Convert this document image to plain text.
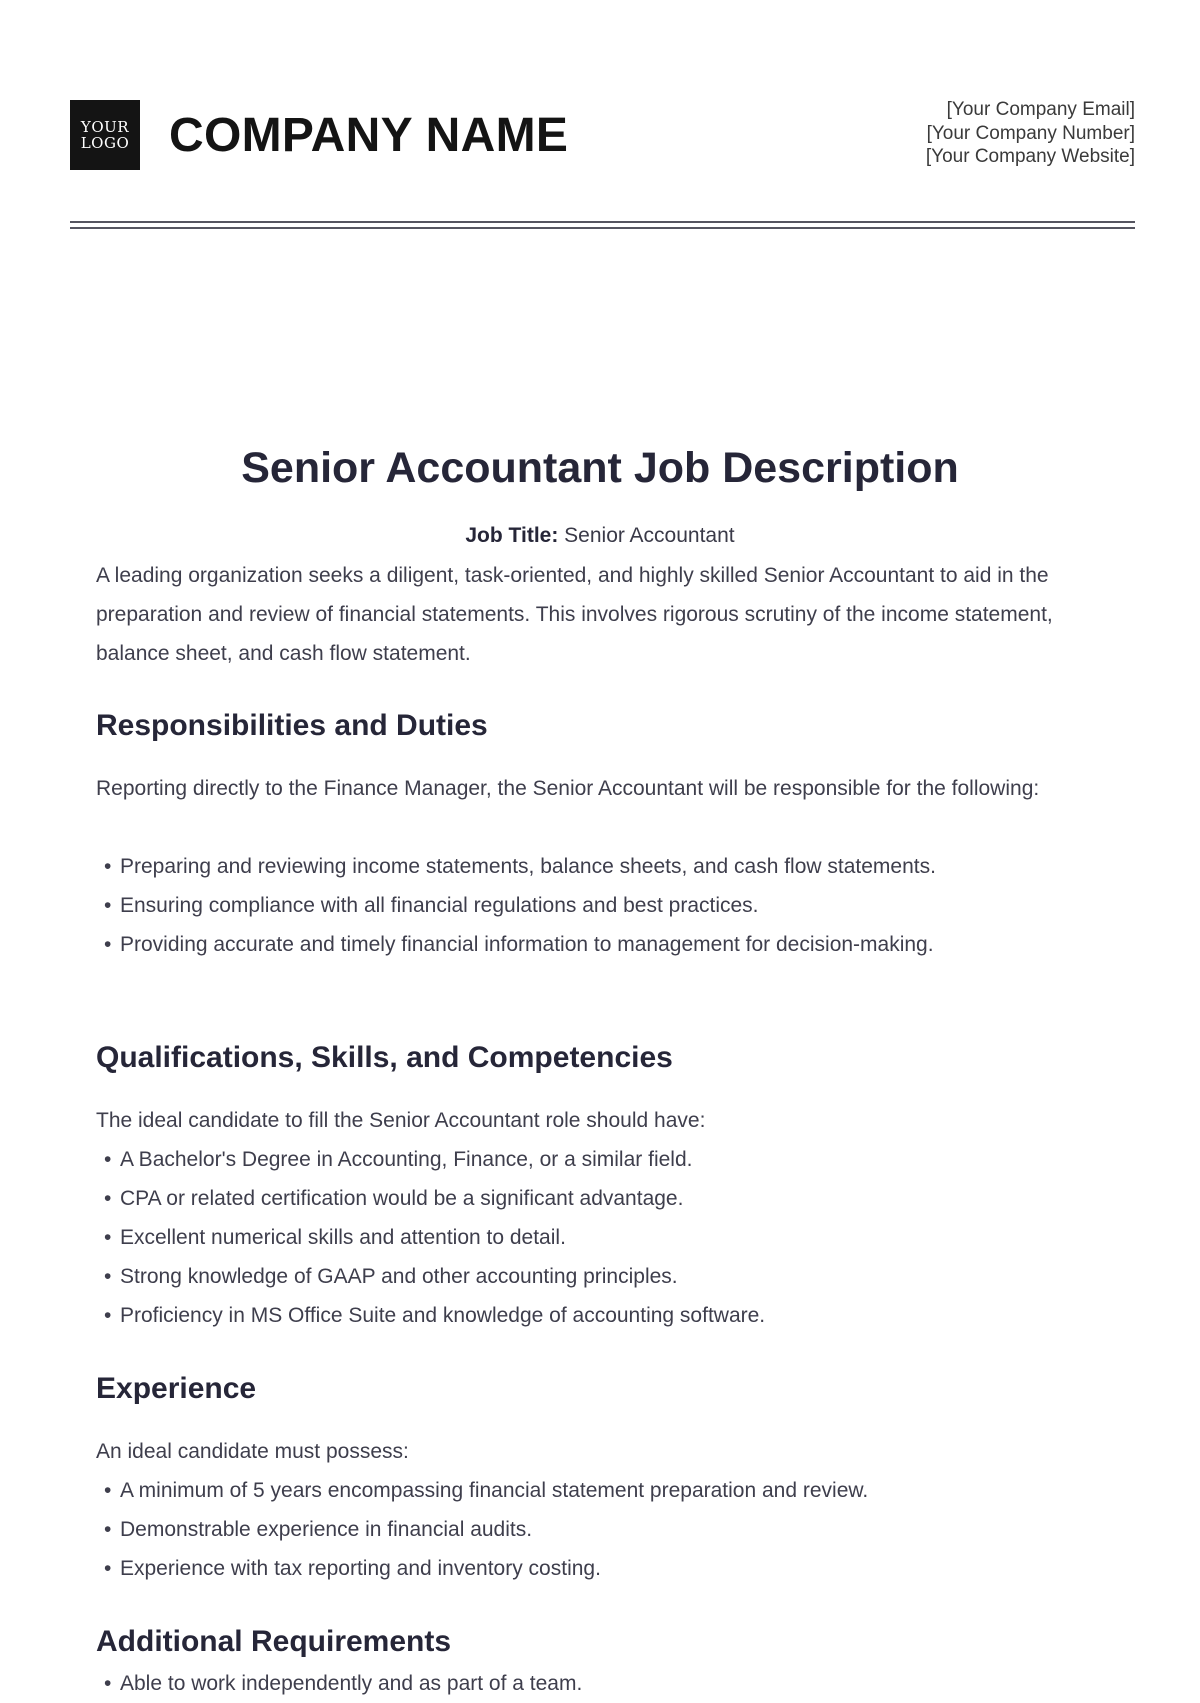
YOUR
LOGO COMPANY NAME	[Your Company Email]
[Your Company Number]
[Your Company Website]
Senior Accountant Job Description
Job Title: Senior Accountant
A leading organization seeks a diligent, task-oriented, and highly skilled Senior Accountant to aid in the preparation and review of financial statements. This involves rigorous scrutiny of the income statement, balance sheet, and cash flow statement.
Responsibilities and Duties
Reporting directly to the Finance Manager, the Senior Accountant will be responsible for the following:
• Preparing and reviewing income statements, balance sheets, and cash flow statements.
• Ensuring compliance with all financial regulations and best practices.
• Providing accurate and timely financial information to management for decision-making.
Qualifications, Skills, and Competencies
The ideal candidate to fill the Senior Accountant role should have:
• A Bachelor's Degree in Accounting, Finance, or a similar field.
• CPA or related certification would be a significant advantage.
• Excellent numerical skills and attention to detail.
• Strong knowledge of GAAP and other accounting principles.
• Proficiency in MS Office Suite and knowledge of accounting software.
Experience
An ideal candidate must possess:
• A minimum of 5 years encompassing financial statement preparation and review.
• Demonstrable experience in financial audits.
• Experience with tax reporting and inventory costing.
Additional Requirements
• Able to work independently and as part of a team.
